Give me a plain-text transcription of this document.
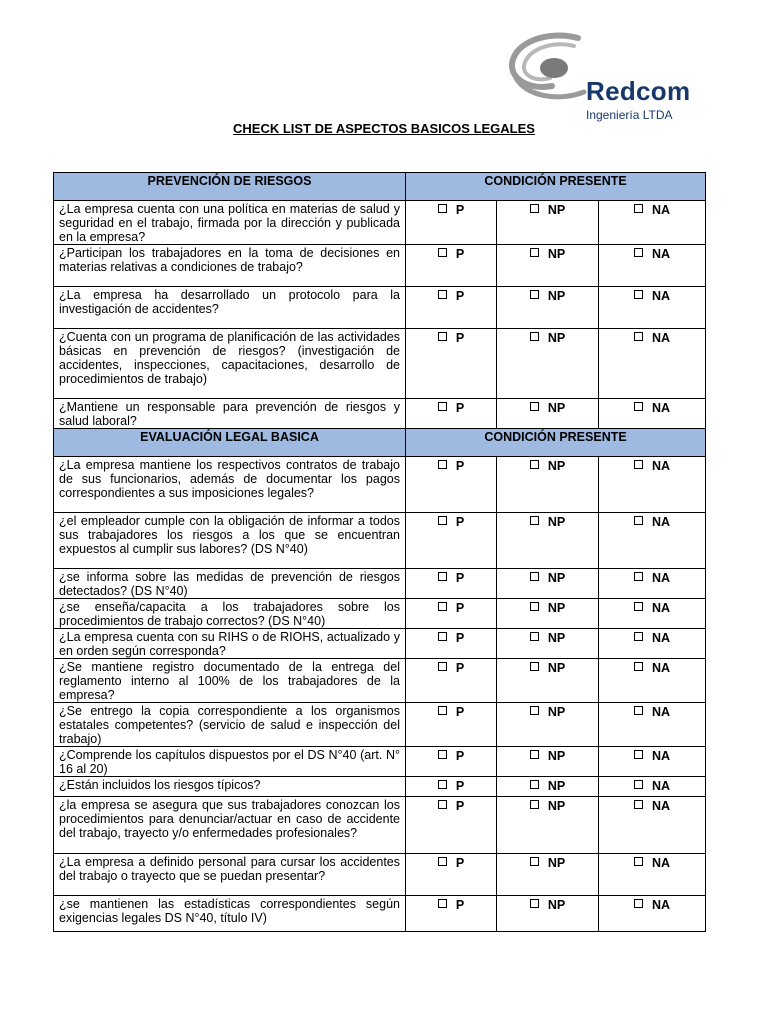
Redcom
Ingeniería LTDA
CHECK LIST DE ASPECTOS BASICOS LEGALES
PREVENCIÓN DE RIESGOS	CONDICIÓN PRESENTE		
¿La empresa cuenta con una política en materias de salud y seguridad en el trabajo, firmada por la dirección y publicada en la empresa?	P	NP	NA
¿Participan los trabajadores en la toma de decisiones en materias relativas a condiciones de trabajo?	P	NP	NA
¿La empresa ha desarrollado un protocolo para la investigación de accidentes?	P	NP	NA
¿Cuenta con un programa de planificación de las actividades básicas en prevención de riesgos? (investigación de accidentes, inspecciones, capacitaciones, desarrollo de procedimientos de trabajo)	P	NP	NA
¿Mantiene un responsable para prevención de riesgos y salud laboral?	P	NP	NA
EVALUACIÓN LEGAL BASICA	CONDICIÓN PRESENTE		
¿La empresa mantiene los respectivos contratos de trabajo de sus funcionarios, además de documentar los pagos correspondientes a sus imposiciones legales?	P	NP	NA
¿el empleador cumple con la obligación de informar a todos sus trabajadores los riesgos a los que se encuentran expuestos al cumplir sus labores? (DS N°40)	P	NP	NA
¿se informa sobre las medidas de prevención de riesgos detectados? (DS N°40)	P	NP	NA
¿se enseña/capacita a los trabajadores sobre los procedimientos de trabajo correctos? (DS N°40)	P	NP	NA
¿La empresa cuenta con su RIHS o de RIOHS, actualizado y en orden según corresponda?	P	NP	NA
¿Se mantiene registro documentado de la entrega del reglamento interno al 100% de los trabajadores de la empresa?	P	NP	NA
¿Se entrego la copia correspondiente a los organismos estatales competentes? (servicio de salud e inspección del trabajo)	P	NP	NA
¿Comprende los capítulos dispuestos por el DS N°40 (art. N° 16 al 20)	P	NP	NA
¿Están incluidos los riesgos típicos?	P	NP	NA
¿la empresa se asegura que sus trabajadores conozcan los procedimientos para denunciar/actuar en caso de accidente del trabajo, trayecto y/o enfermedades profesionales?	P	NP	NA
¿La empresa a definido personal para cursar los accidentes del trabajo o trayecto que se puedan presentar?	P	NP	NA
¿se mantienen las estadísticas correspondientes según exigencias legales DS N°40, título IV)	P	NP	NA
